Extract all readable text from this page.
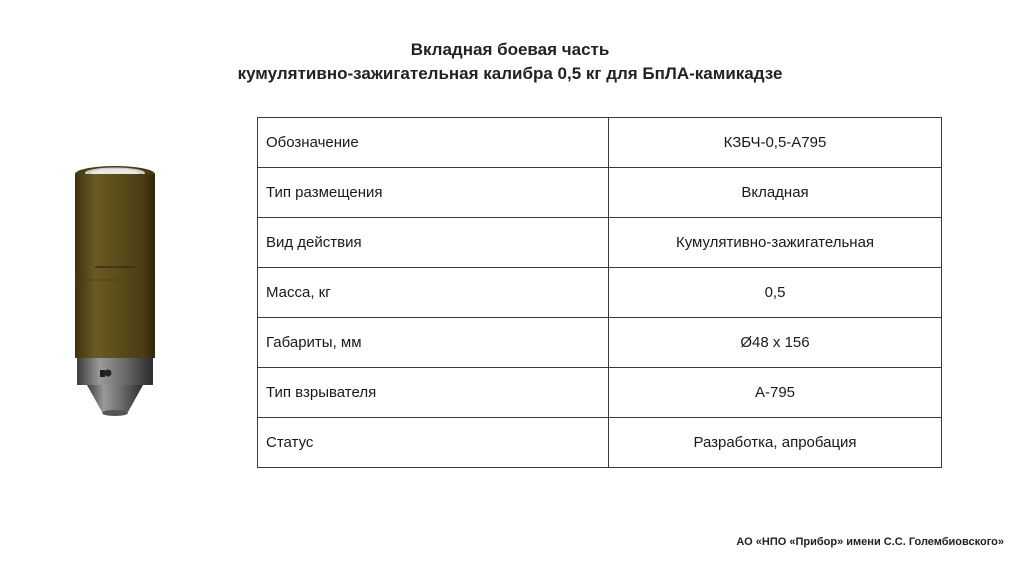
Вкладная боевая часть
кумулятивно-зажигательная калибра 0,5 кг для БпЛА-камикадзе
Обозначение	КЗБЧ-0,5-А795
Тип размещения	Вкладная
Вид действия	Кумулятивно-зажигательная
Масса, кг	0,5
Габариты, мм	Ø48 х 156
Тип взрывателя	А-795
Статус	Разработка, апробация
АО «НПО «Прибор» имени С.С. Голембиовского»
